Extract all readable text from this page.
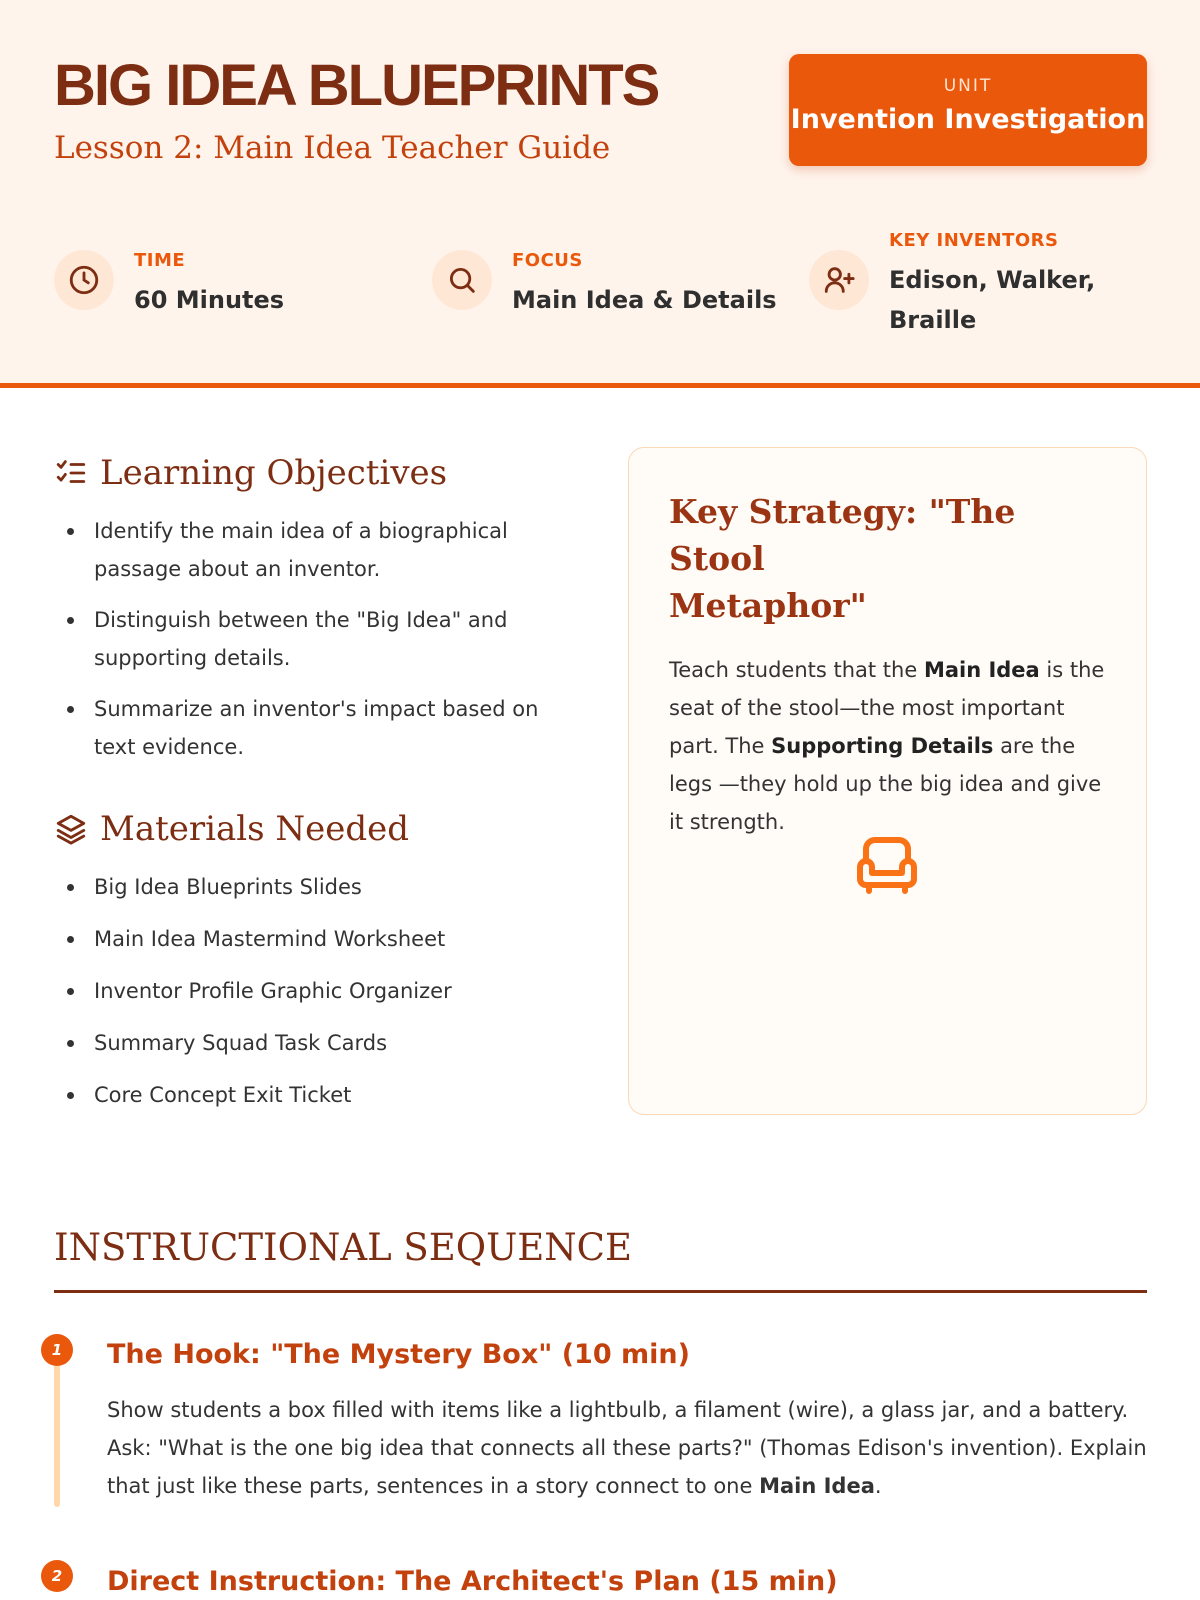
BIG IDEA BLUEPRINTS
Lesson 2: Main Idea Teacher Guide
UNIT
Invention Investigation
TIME
60 Minutes
FOCUS
Main Idea & Details
KEY INVENTORS
Edison, Walker,
Braille
Learning Objectives
Identify the main idea of a biographical
passage about an inventor.
Distinguish between the "Big Idea" and
supporting details.
Summarize an inventor's impact based on
text evidence.
Materials Needed
Big Idea Blueprints Slides
Main Idea Mastermind Worksheet
Inventor Profile Graphic Organizer
Summary Squad Task Cards
Core Concept Exit Ticket
Key Strategy: "The Stool
Metaphor"
Teach students that the Main Idea is the seat of the stool—the most important part. The Supporting Details are the legs —they hold up the big idea and give it strength.
INSTRUCTIONAL SEQUENCE
1	The Hook: "The Mystery Box" (10 min)
Show students a box filled with items like a lightbulb, a filament (wire), a glass jar, and a battery. Ask: "What is the one big idea that connects all these parts?" (Thomas Edison's invention). Explain that just like these parts, sentences in a story connect to one Main Idea.
2	Direct Instruction: The Architect's Plan (15 min)
